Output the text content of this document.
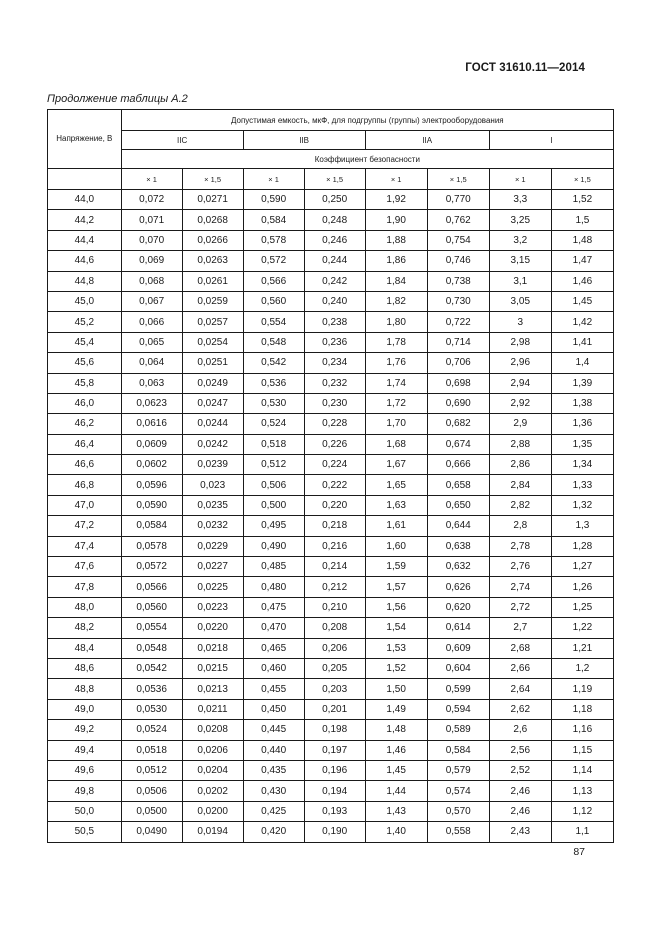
ГОСТ 31610.11—2014
Продолжение таблицы А.2
Напряжение, В	Допустимая емкость, мкФ, для подгруппы (группы) электрооборудования							
	IIC		IIB		IIA		I	
	Коэффициент безопасности							
	× 1	× 1,5	× 1	× 1,5	× 1	× 1,5	× 1	× 1,5
44,0	0,072	0,0271	0,590	0,250	1,92	0,770	3,3	1,52
44,2	0,071	0,0268	0,584	0,248	1,90	0,762	3,25	1,5
44,4	0,070	0,0266	0,578	0,246	1,88	0,754	3,2	1,48
44,6	0,069	0,0263	0,572	0,244	1,86	0,746	3,15	1,47
44,8	0,068	0,0261	0,566	0,242	1,84	0,738	3,1	1,46
45,0	0,067	0,0259	0,560	0,240	1,82	0,730	3,05	1,45
45,2	0,066	0,0257	0,554	0,238	1,80	0,722	3	1,42
45,4	0,065	0,0254	0,548	0,236	1,78	0,714	2,98	1,41
45,6	0,064	0,0251	0,542	0,234	1,76	0,706	2,96	1,4
45,8	0,063	0,0249	0,536	0,232	1,74	0,698	2,94	1,39
46,0	0,0623	0,0247	0,530	0,230	1,72	0,690	2,92	1,38
46,2	0,0616	0,0244	0,524	0,228	1,70	0,682	2,9	1,36
46,4	0,0609	0,0242	0,518	0,226	1,68	0,674	2,88	1,35
46,6	0,0602	0,0239	0,512	0,224	1,67	0,666	2,86	1,34
46,8	0,0596	0,023	0,506	0,222	1,65	0,658	2,84	1,33
47,0	0,0590	0,0235	0,500	0,220	1,63	0,650	2,82	1,32
47,2	0,0584	0,0232	0,495	0,218	1,61	0,644	2,8	1,3
47,4	0,0578	0,0229	0,490	0,216	1,60	0,638	2,78	1,28
47,6	0,0572	0,0227	0,485	0,214	1,59	0,632	2,76	1,27
47,8	0,0566	0,0225	0,480	0,212	1,57	0,626	2,74	1,26
48,0	0,0560	0,0223	0,475	0,210	1,56	0,620	2,72	1,25
48,2	0,0554	0,0220	0,470	0,208	1,54	0,614	2,7	1,22
48,4	0,0548	0,0218	0,465	0,206	1,53	0,609	2,68	1,21
48,6	0,0542	0,0215	0,460	0,205	1,52	0,604	2,66	1,2
48,8	0,0536	0,0213	0,455	0,203	1,50	0,599	2,64	1,19
49,0	0,0530	0,0211	0,450	0,201	1,49	0,594	2,62	1,18
49,2	0,0524	0,0208	0,445	0,198	1,48	0,589	2,6	1,16
49,4	0,0518	0,0206	0,440	0,197	1,46	0,584	2,56	1,15
49,6	0,0512	0,0204	0,435	0,196	1,45	0,579	2,52	1,14
49,8	0,0506	0,0202	0,430	0,194	1,44	0,574	2,46	1,13
50,0	0,0500	0,0200	0,425	0,193	1,43	0,570	2,46	1,12
50,5	0,0490	0,0194	0,420	0,190	1,40	0,558	2,43	1,1
87
